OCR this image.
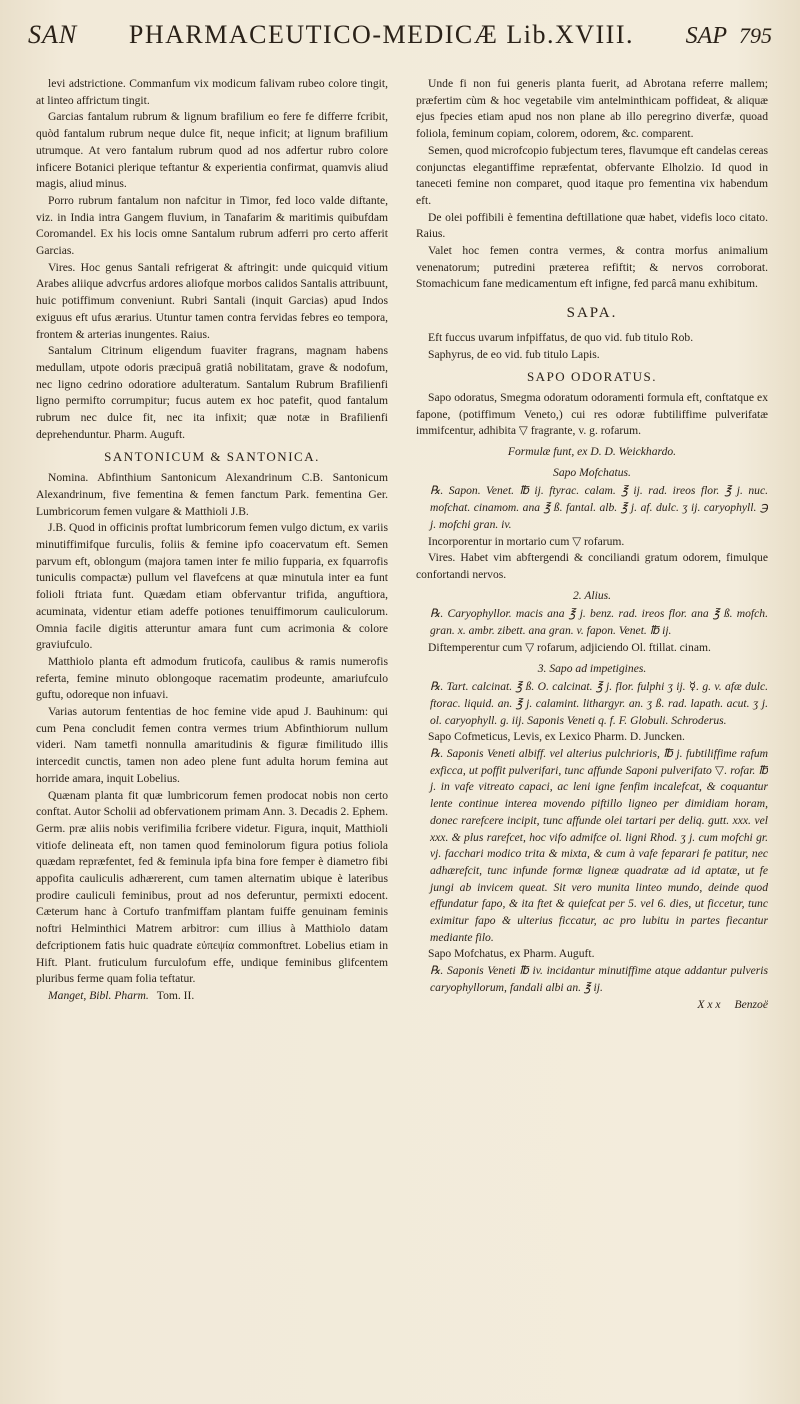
SAN	PHARMACEUTICO-MEDICÆ Lib.XVIII.	SAP 795

levi adstrictione. Commanfum vix modicum falivam rubeo colore tingit, at linteo affrictum tingit.

Garcias fantalum rubrum & lignum brafilium eo fere fe differre fcribit, quòd fantalum rubrum neque dulce fit, neque inficit; at lignum brafilium utrumque. At vero fantalum rubrum quod ad nos adfertur rubro colore inficere Botanici plerique teftantur & experientia confirmat, quamvis aliud magis, aliud minus.

Porro rubrum fantalum non nafcitur in Timor, fed loco valde diftante, viz. in India intra Gangem fluvium, in Tanafarim & maritimis quibufdam Coromandel. Ex his locis omne Santalum rubrum adferri pro certo afferit Garcias.

Vires. Hoc genus Santali refrigerat & aftringit: unde quicquid vitium Arabes aliique advcrfus ardores aliofque morbos calidos Santalis attribuunt, huic potiffimum conveniunt. Rubri Santali (inquit Garcias) apud Indos exiguus eft ufus ærarius. Utuntur tamen contra fervidas febres eo tempora, frontem & arterias inungentes. Raius.

Santalum Citrinum eligendum fuaviter fragrans, magnam habens medullam, utpote odoris præcipuâ gratiâ nobilitatam, grave & nodofum, nec ligno cedrino odoratiore adulteratum. Santalum Rubrum Brafilienfi ligno permifto corrumpitur; fucus autem ex hoc patefit, quod fantalum rubrum nec dulce fit, nec ita infixit; quæ notæ in Brafilienfi deprehenduntur. Pharm. Auguft.

SANTONICUM & SANTONICA.

Nomina. Abfinthium Santonicum Alexandrinum C.B. Santonicum Alexandrinum, five fementina & femen fanctum Park. fementina Ger. Lumbricorum femen vulgare & Matthioli J.B.

J.B. Quod in officinis proftat lumbricorum femen vulgo dictum, ex variis minutiffimifque furculis, foliis & femine ipfo coacervatum eft. Semen parvum eft, oblongum (majora tamen inter fe milio fupparia, ex fquarrofis tuniculis compactæ) pullum vel flavefcens at quæ minutula inter ea funt folioli ftriata funt. Quædam etiam obfervantur trifida, anguftiora, acuminata, videntur etiam adeffe potiones tenuiffimorum cauliculorum. Omnia facile digitis atteruntur amara funt cum acrimonia & colore graviufculo.

Matthiolo planta eft admodum fruticofa, caulibus & ramis numerofis referta, femine minuto oblongoque racematim prodeunte, amariufculo guftu, odoreque non infuavi.

Varias autorum fententias de hoc femine vide apud J. Bauhinum: qui cum Pena concludit femen contra vermes trium Abfinthiorum nullum videri. Nam tametfi nonnulla amaritudinis & figuræ fimilitudo illis intercedit cunctis, tamen non adeo plene funt adulta horum femina aut horride amara, inquit Lobelius.

Quænam planta fit quæ lumbricorum femen prodocat nobis non certo conftat. Autor Scholii ad obfervationem primam Ann. 3. Decadis 2. Ephem. Germ. præ aliis nobis verifimilia fcribere videtur. Figura, inquit, Matthioli vitiofe delineata eft, non tamen quod feminolorum figura potius foliola quædam repræfentet, fed & feminula ipfa bina fore femper è diametro fibi appofita cauliculis adhærerent, cum tamen alternatim ubique è lateribus prodire cauliculi feminibus, prout ad nos deferuntur, permixti edocent. Cæterum hanc à Cortufo tranfmiffam plantam fuiffe genuinam feminis noftri Helminthici Matrem arbitror: cum illius à Matthiolo datam defcriptionem fatis huic quadrate εὐπεψία commonftret. Lobelius etiam in Hift. Plant. fruticulum furculofum effe, undique feminibus glifcentem pluribus ferme quam folia teftatur.

Manget, Bibl. Pharm. Tom. II.

Unde fi non fui generis planta fuerit, ad Abrotana referre mallem; præfertim cùm & hoc vegetabile vim antelminthicam poffideat, & aliquæ ejus fpecies etiam apud nos non plane ab illo peregrino diverfæ, quoad foliola, feminum copiam, colorem, odorem, &c. comparent.

Semen, quod microfcopio fubjectum teres, flavumque eft candelas cereas conjunctas elegantiffime repræfentat, obfervante Elholzio. Id quod in taneceti femine non comparet, quod itaque pro fementina vix habendum eft.

De olei poffibili è fementina deftillatione quæ habet, videfis loco citato. Raius.

Valet hoc femen contra vermes, & contra morfus animalium venenatorum; putredini præterea refiftit; & nervos corroborat. Stomachicum fane medicamentum eft infigne, fed parcâ manu exhibitum.

SAPA.

Eft fuccus uvarum infpiffatus, de quo vid. fub titulo Rob.

Saphyrus, de eo vid. fub titulo Lapis.

SAPO ODORATUS.

Sapo odoratus, Smegma odoratum odoramenti formula eft, conftatque ex fapone, (potiffimum Veneto,) cui res odoræ fubtiliffime pulverifatæ immifcentur, adhibita ▽ fragrante, v. g. rofarum.

Formulæ funt, ex D. D. Weickhardo.

Sapo Mofchatus.

℞. Sapon. Venet. ℔ ij. ftyrac. calam. ℥ ij. rad. ireos flor. ℥ j. nuc. mofchat. cinamom. ana ℥ ß. fantal. alb. ℥ j. af. dulc. ʒ ij. caryophyll. ℈ j. mofchi gran. iv.

Incorporentur in mortario cum ▽ rofarum.

Vires. Habet vim abftergendi & conciliandi gratum odorem, fimulque confortandi nervos.

2. Alius.

℞. Caryophyllor. macis ana ℥ j. benz. rad. ireos flor. ana ℥ ß. mofch. gran. x. ambr. zibett. ana gran. v. fapon. Venet. ℔ ij.

Diftemperentur cum ▽ rofarum, adjiciendo Ol. ftillat. cinam.

3. Sapo ad impetigines.

℞. Tart. calcinat. ℥ ß. O. calcinat. ℥ j. flor. fulphi ʒ ij. ☿. g. v. afæ dulc. ftorac. liquid. an. ℥ j. calamint. lithargyr. an. ʒ ß. rad. lapath. acut. ʒ j. ol. caryophyll. g. iij. Saponis Veneti q. f. F. Globuli. Schroderus.

Sapo Cofmeticus, Levis, ex Lexico Pharm. D. Juncken.

℞. Saponis Veneti albiff. vel alterius pulchrioris, ℔ j. fubtiliffime rafum exficca, ut poffit pulverifari, tunc affunde Saponi pulverifato ▽. rofar. ℔ j. in vafe vitreato capaci, ac leni igne fenfim incalefcat, & coquantur lente continue interea movendo piftillo ligneo per dimidiam horam, donec rarefcere incipit, tunc affunde olei tartari per deliq. gutt. xxx. vel xxx. & plus rarefcet, hoc vifo admifce ol. ligni Rhod. ʒ j. cum mofchi gr. vj. facchari modico trita & mixta, & cum à vafe feparari fe patitur, nec adhærefcit, tunc infunde formæ ligneæ quadratæ ad id aptatæ, ut fe jungi ab invicem queat. Sit vero munita linteo mundo, deinde quod effundatur fapo, & ita ftet & quiefcat per 5. vel 6. dies, ut ficcetur, tunc eximitur fapo & ulterius ficcatur, ac pro lubitu in partes fiecantur mediante filo.

Sapo Mofchatus, ex Pharm. Auguft.

℞. Saponis Veneti ℔ iv. incidantur minutiffime atque addantur pulveris caryophyllorum, fandali albi an. ℥ ij.

X x x Benzoë
